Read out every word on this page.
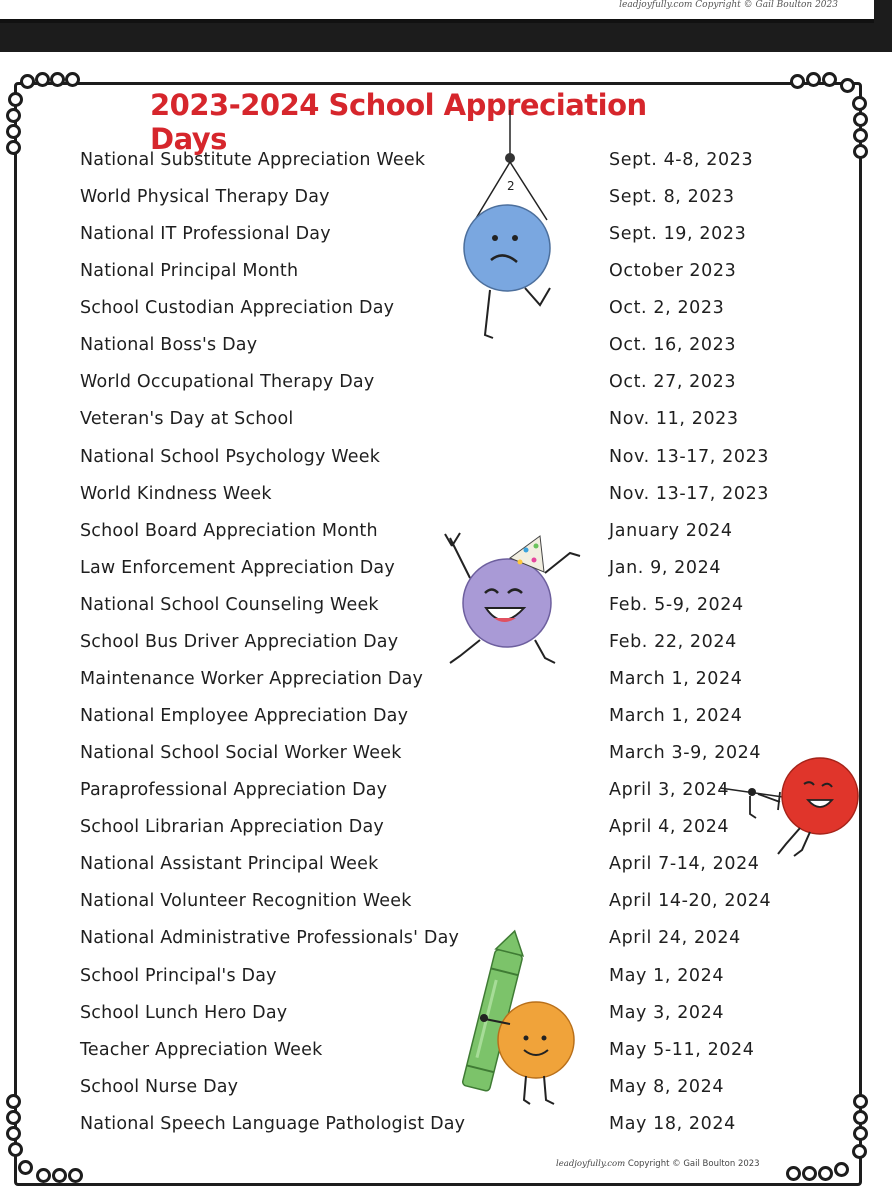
leadjoyfully.com Copyright © Gail Boulton 2023
2023-2024 School Appreciation Days
National Substitute Appreciation Week	Sept. 4-8, 2023
World Physical Therapy Day	Sept. 8, 2023
National IT Professional Day	Sept. 19, 2023
National Principal Month	October 2023
School Custodian Appreciation Day	Oct. 2, 2023
National Boss's Day	Oct. 16, 2023
World Occupational Therapy Day	Oct. 27, 2023
Veteran's Day at School	Nov. 11, 2023
National School Psychology Week	Nov. 13-17, 2023
World Kindness Week	Nov. 13-17, 2023
School Board Appreciation Month	January 2024
Law Enforcement Appreciation Day	Jan. 9, 2024
National School Counseling Week	Feb. 5-9, 2024
School Bus Driver Appreciation Day	Feb. 22, 2024
Maintenance Worker Appreciation Day	March 1, 2024
National Employee Appreciation Day	March 1, 2024
National School Social Worker Week	March 3-9, 2024
Paraprofessional Appreciation Day	April 3, 2024
School Librarian Appreciation Day	April 4, 2024
National Assistant Principal Week	April 7-14, 2024
National Volunteer Recognition Week	April 14-20, 2024
National Administrative Professionals' Day	April 24, 2024
School Principal's Day	May 1, 2024
School Lunch Hero Day	May 3, 2024
Teacher Appreciation Week	May 5-11, 2024
School Nurse Day	May 8, 2024
National Speech Language Pathologist Day	May 18, 2024
leadjoyfully.com Copyright © Gail Boulton 2023
2
